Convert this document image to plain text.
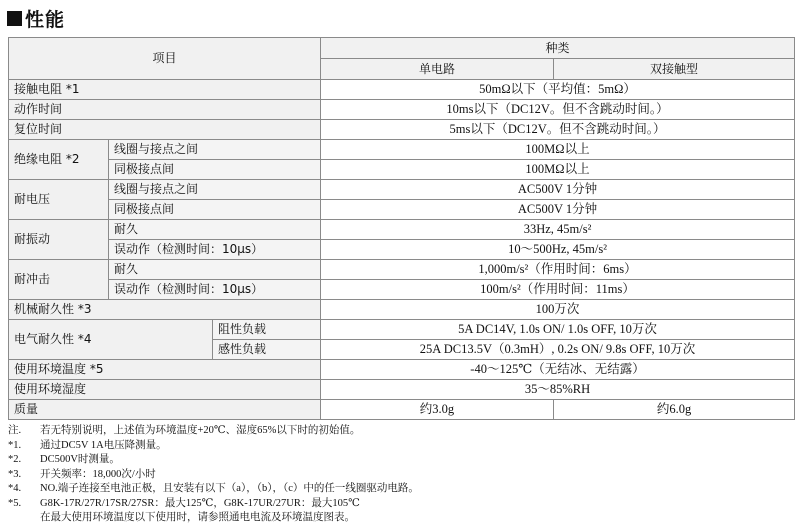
性能
项目			种类	
			单电路	双接触型
接触电阻 *1			50mΩ以下（平均值：5mΩ）	
动作时间			10ms以下（DC12V。但不含跳动时间。）	
复位时间			5ms以下（DC12V。但不含跳动时间。）	
绝缘电阻 *2	线圈与接点之间		100MΩ以上	
	同极接点间		100MΩ以上	
耐电压	线圈与接点之间		AC500V 1分钟	
	同极接点间		AC500V 1分钟	
耐振动	耐久		33Hz, 45m/s²	
	误动作（检测时间：10μs）		10～500Hz, 45m/s²	
耐冲击	耐久		1,000m/s²（作用时间：6ms）	
	误动作（检测时间：10μs）		100m/s²（作用时间：11ms）	
机械耐久性 *3			100万次	
电气耐久性 *4		阻性负载	5A DC14V, 1.0s ON/ 1.0s OFF, 10万次	
		感性负载	25A DC13.5V（0.3mH）, 0.2s ON/ 9.8s OFF, 10万次	
使用环境温度 *5			-40～125℃（无结冰、无结露）	
使用环境湿度			35～85%RH	
质量			约3.0g	约6.0g
注.	若无特别说明，上述值为环境温度+20℃、湿度65%以下时的初始值。
*1.	通过DC5V 1A电压降测量。
*2.	DC500V时测量。
*3.	开关频率：18,000次/小时
*4.	NO.端子连接至电池正极，且安装有以下（a），（b），（c）中的任一线圈驱动电路。
*5.	G8K-17R/27R/17SR/27SR：最大125℃，G8K-17UR/27UR：最大105℃
在最大使用环境温度以下使用时，请参照通电电流及环境温度图表。
